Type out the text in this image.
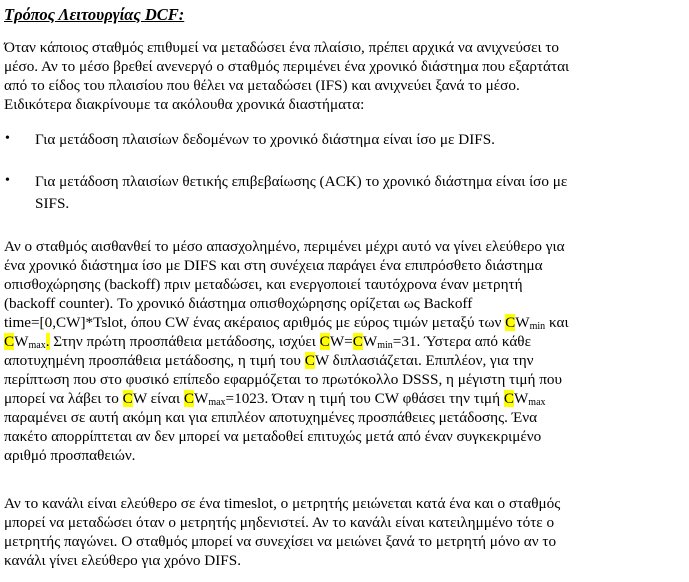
Τρόπος Λειτουργίας DCF:
Όταν κάποιος σταθμός επιθυμεί να μεταδώσει ένα πλαίσιο, πρέπει αρχικά να ανιχνεύσει το
μέσο. Αν το μέσο βρεθεί ανενεργό ο σταθμός περιμένει ένα χρονικό διάστημα που εξαρτάται
από το είδος του πλαισίου που θέλει να μεταδώσει (IFS) και ανιχνεύει ξανά το μέσο.
Ειδικότερα διακρίνουμε τα ακόλουθα χρονικά διαστήματα:
• Για μετάδοση πλαισίων δεδομένων το χρονικό διάστημα είναι ίσο με DIFS.
• Για μετάδοση πλαισίων θετικής επιβεβαίωσης (ACK) το χρονικό διάστημα είναι ίσο με
SIFS.
Αν ο σταθμός αισθανθεί το μέσο απασχολημένο, περιμένει μέχρι αυτό να γίνει ελεύθερο για
ένα χρονικό διάστημα ίσο με DIFS και στη συνέχεια παράγει ένα επιπρόσθετο διάστημα
οπισθοχώρησης (backoff) πριν μεταδώσει, και ενεργοποιεί ταυτόχρονα έναν μετρητή
(backoff counter). Το χρονικό διάστημα οπισθοχώρησης ορίζεται ως Backoff
time=[0,CW]*Tslot, όπου CW ένας ακέραιος αριθμός με εύρος τιμών μεταξύ των $CW_{min}$ και
$CW_{max}$. Στην πρώτη προσπάθεια μετάδοσης, ισχύει $CW=CW_{min}=31$. Ύστερα από κάθε
αποτυχημένη προσπάθεια μετάδοσης, η τιμή του CW διπλασιάζεται. Επιπλέον, για την
περίπτωση που στο φυσικό επίπεδο εφαρμόζεται το πρωτόκολλο DSSS, η μέγιστη τιμή που
μπορεί να λάβει το CW είναι $CW_{max}=1023$. Όταν η τιμή του CW φθάσει την τιμή $CW_{max}$
παραμένει σε αυτή ακόμη και για επιπλέον αποτυχημένες προσπάθειες μετάδοσης. Ένα
πακέτο απορρίπτεται αν δεν μπορεί να μεταδοθεί επιτυχώς μετά από έναν συγκεκριμένο
αριθμό προσπαθειών.
Αν το κανάλι είναι ελεύθερο σε ένα timeslot, ο μετρητής μειώνεται κατά ένα και ο σταθμός
μπορεί να μεταδώσει όταν ο μετρητής μηδενιστεί. Αν το κανάλι είναι κατειλημμένο τότε ο
μετρητής παγώνει. Ο σταθμός μπορεί να συνεχίσει να μειώνει ξανά το μετρητή μόνο αν το
κανάλι γίνει ελεύθερο για χρόνο DIFS.
